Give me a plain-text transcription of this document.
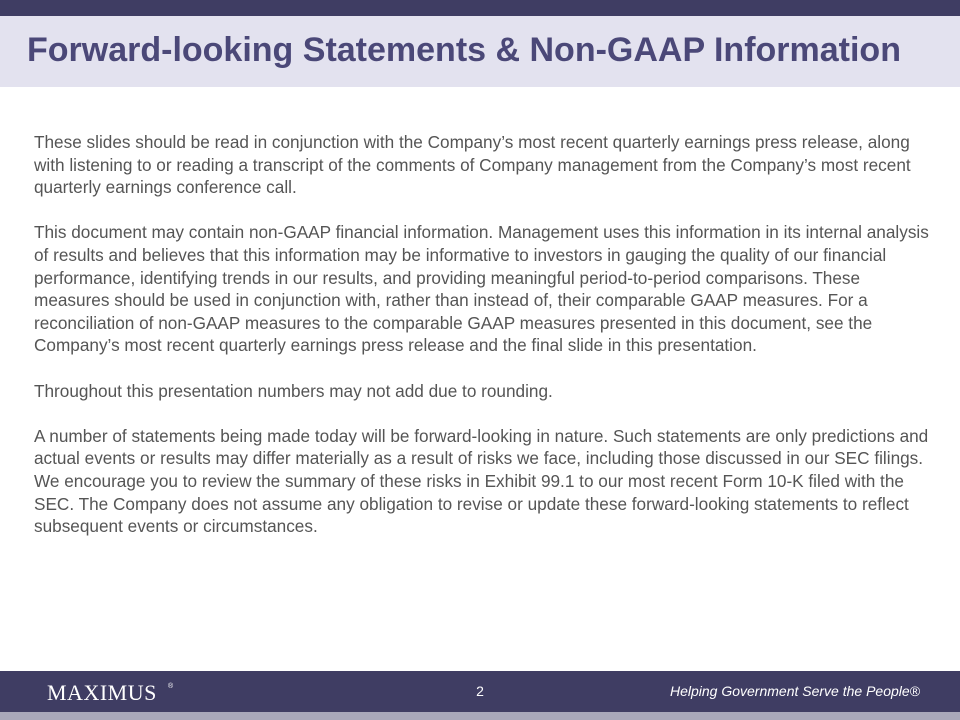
Forward-looking Statements & Non-GAAP Information

These slides should be read in conjunction with the Company’s most recent quarterly earnings press release, along with listening to or reading a transcript of the comments of Company management from the Company’s most recent quarterly earnings conference call.

This document may contain non-GAAP financial information. Management uses this information in its internal analysis of results and believes that this information may be informative to investors in gauging the quality of our financial performance, identifying trends in our results, and providing meaningful period-to-period comparisons. These measures should be used in conjunction with, rather than instead of, their comparable GAAP measures. For a reconciliation of non-GAAP measures to the comparable GAAP measures presented in this document, see the Company’s most recent quarterly earnings press release and the final slide in this presentation.

Throughout this presentation numbers may not add due to rounding.

A number of statements being made today will be forward-looking in nature. Such statements are only predictions and actual events or results may differ materially as a result of risks we face, including those discussed in our SEC filings. We encourage you to review the summary of these risks in Exhibit 99.1 to our most recent Form 10-K filed with the SEC. The Company does not assume any obligation to revise or update these forward-looking statements to reflect subsequent events or circumstances.

MAXIMUS ®	2	Helping Government Serve the People®
